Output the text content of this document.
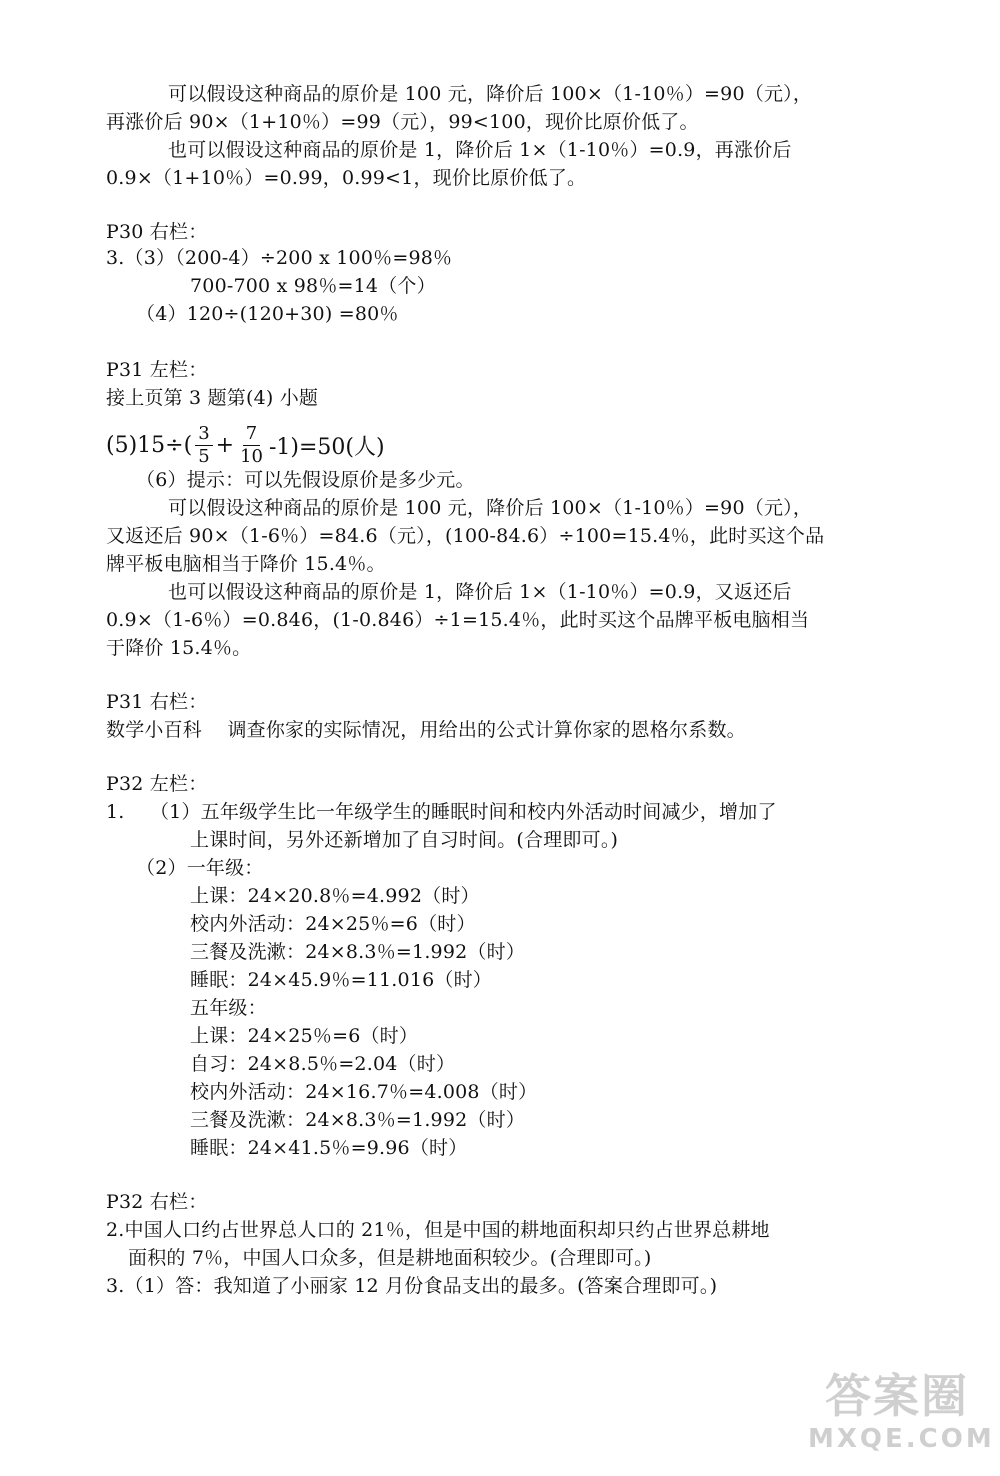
可以假设这种商品的原价是 100 元，降价后 100×（1-10％）=90（元），
再涨价后 90×（1+10％）=99（元），99<100，现价比原价低了。
也可以假设这种商品的原价是 1，降价后 1×（1-10％）=0.9，再涨价后
0.9×（1+10％）=0.99，0.99<1，现价比原价低了。
P30 右栏：
3.（3）（200-4）÷200 x 100％=98％
700-700 x 98％=14（个）
（4）120÷(120+30) =80％
P31 左栏：
接上页第 3 题第(4) 小题
$(5)15\div( \frac{3}{5} + \frac{7}{10} -1)=50$(人)
（6）提示：可以先假设原价是多少元。
可以假设这种商品的原价是 100 元，降价后 100×（1-10％）=90（元），
又返还后 90×（1-6％）=84.6（元），(100-84.6）÷100=15.4％，此时买这个品
牌平板电脑相当于降价 15.4％。
也可以假设这种商品的原价是 1，降价后 1×（1-10％）=0.9，又返还后
0.9×（1-6％）=0.846，(1-0.846）÷1=15.4％，此时买这个品牌平板电脑相当
于降价 15.4％。
P31 右栏：
数学小百科　 调查你家的实际情况，用给出的公式计算你家的恩格尔系数。
P32 左栏：
1.　 （1）五年级学生比一年级学生的睡眠时间和校内外活动时间减少，增加了
上课时间，另外还新增加了自习时间。(合理即可。)
（2）一年级：
上课：24×20.8％=4.992（时）
校内外活动：24×25％=6（时）
三餐及洗漱：24×8.3％=1.992（时）
睡眠：24×45.9％=11.016（时）
五年级：
上课：24×25％=6（时）
自习：24×8.5％=2.04（时）
校内外活动：24×16.7％=4.008（时）
三餐及洗漱：24×8.3％=1.992（时）
睡眠：24×41.5％=9.96（时）
P32 右栏：
2.中国人口约占世界总人口的 21％，但是中国的耕地面积却只约占世界总耕地
面积的 7％，中国人口众多，但是耕地面积较少。(合理即可。)
3.（1）答：我知道了小丽家 12 月份食品支出的最多。(答案合理即可。)
答案圈
MXQE.COM
